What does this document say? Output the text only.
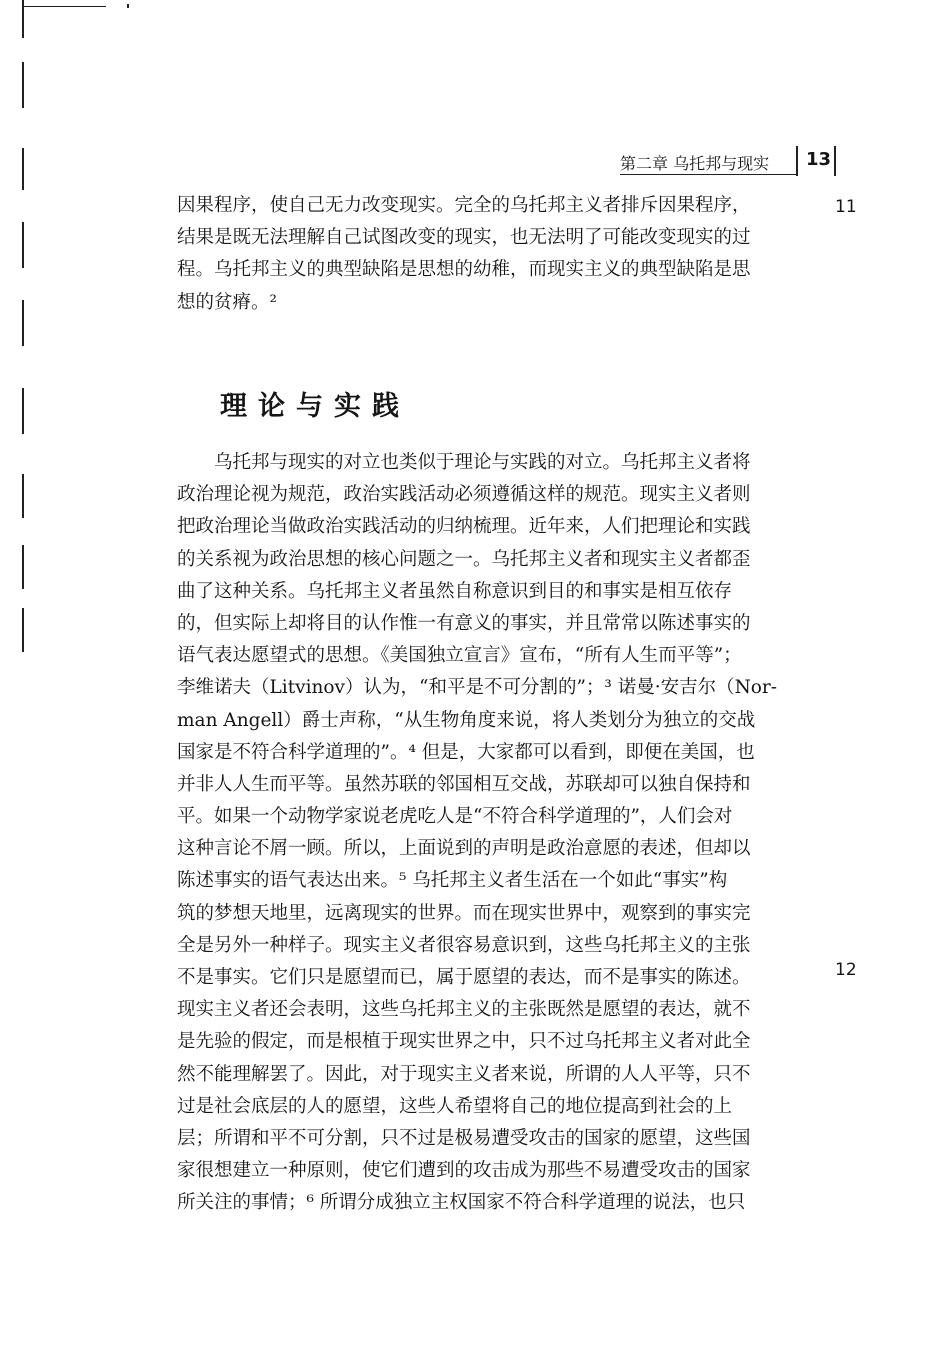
第二章 乌托邦与现实 13
因果程序，使自己无力改变现实。完全的乌托邦主义者排斥因果程序，
结果是既无法理解自己试图改变的现实，也无法明了可能改变现实的过
程。乌托邦主义的典型缺陷是思想的幼稚，而现实主义的典型缺陷是思
想的贫瘠。²
11
理论与实践
　　乌托邦与现实的对立也类似于理论与实践的对立。乌托邦主义者将
政治理论视为规范，政治实践活动必须遵循这样的规范。现实主义者则
把政治理论当做政治实践活动的归纳梳理。近年来，人们把理论和实践
的关系视为政治思想的核心问题之一。乌托邦主义者和现实主义者都歪
曲了这种关系。乌托邦主义者虽然自称意识到目的和事实是相互依存
的，但实际上却将目的认作惟一有意义的事实，并且常常以陈述事实的
语气表达愿望式的思想。《美国独立宣言》宣布，“所有人生而平等”；
李维诺夫（Litvinov）认为，“和平是不可分割的”；³ 诺曼·安吉尔（Nor-
man Angell）爵士声称，“从生物角度来说，将人类划分为独立的交战
国家是不符合科学道理的”。⁴ 但是，大家都可以看到，即便在美国，也
并非人人生而平等。虽然苏联的邻国相互交战，苏联却可以独自保持和
平。如果一个动物学家说老虎吃人是“不符合科学道理的”，人们会对
这种言论不屑一顾。所以，上面说到的声明是政治意愿的表述，但却以
陈述事实的语气表达出来。⁵ 乌托邦主义者生活在一个如此“事实”构
筑的梦想天地里，远离现实的世界。而在现实世界中，观察到的事实完
全是另外一种样子。现实主义者很容易意识到，这些乌托邦主义的主张
不是事实。它们只是愿望而已，属于愿望的表达，而不是事实的陈述。
现实主义者还会表明，这些乌托邦主义的主张既然是愿望的表达，就不
是先验的假定，而是根植于现实世界之中，只不过乌托邦主义者对此全
然不能理解罢了。因此，对于现实主义者来说，所谓的人人平等，只不
过是社会底层的人的愿望，这些人希望将自己的地位提高到社会的上
层；所谓和平不可分割，只不过是极易遭受攻击的国家的愿望，这些国
家很想建立一种原则，使它们遭到的攻击成为那些不易遭受攻击的国家
所关注的事情；⁶ 所谓分成独立主权国家不符合科学道理的说法，也只
12
